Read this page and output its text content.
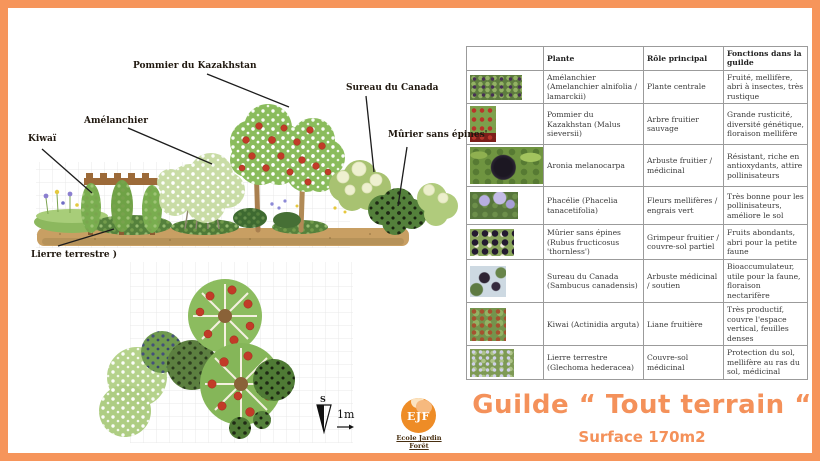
Pommier du Kazakhstan
Sureau du Canada
Amélanchier
Kiwaï	Mûrier sans épines'
Lierre terrestre )
S
1m
	Plante	Rôle principal	Fonctions dans la guilde
	Amélanchier (Amelanchier alnifolia / lamarckii)	Plante centrale	Fruité, mellifère, abri à insectes, très rustique
	Pommier du Kazakhstan (Malus sieversii)	Arbre fruitier sauvage	Grande rusticité, diversité génétique, floraison mellifère
	Aronia melanocarpa	Arbuste fruitier / médicinal	Résistant, riche en antioxydants, attire pollinisateurs
	Phacélie (Phacelia tanacetifolia)	Fleurs mellifères / engrais vert	Très bonne pour les pollinisateurs, améliore le sol
	Mûrier sans épines (Rubus fructicosus 'thornless')	Grimpeur fruitier / couvre-sol partiel	Fruits abondants, abri pour la petite faune
	Sureau du Canada (Sambucus canadensis)	Arbuste médicinal / soutien	Bioaccumulateur, utile pour la faune, floraison nectarifère
	Kiwai (Actinidia arguta)	Liane fruitière	Très productif, couvre l'espace vertical, feuilles denses
	Lierre terrestre (Glechoma hederacea)	Couvre-sol médicinal	Protection du sol, mellifère au ras du sol, médicinal
EJF
Ecole Jardin Forêt
Guilde “ Tout terrain “
Surface 170m2
